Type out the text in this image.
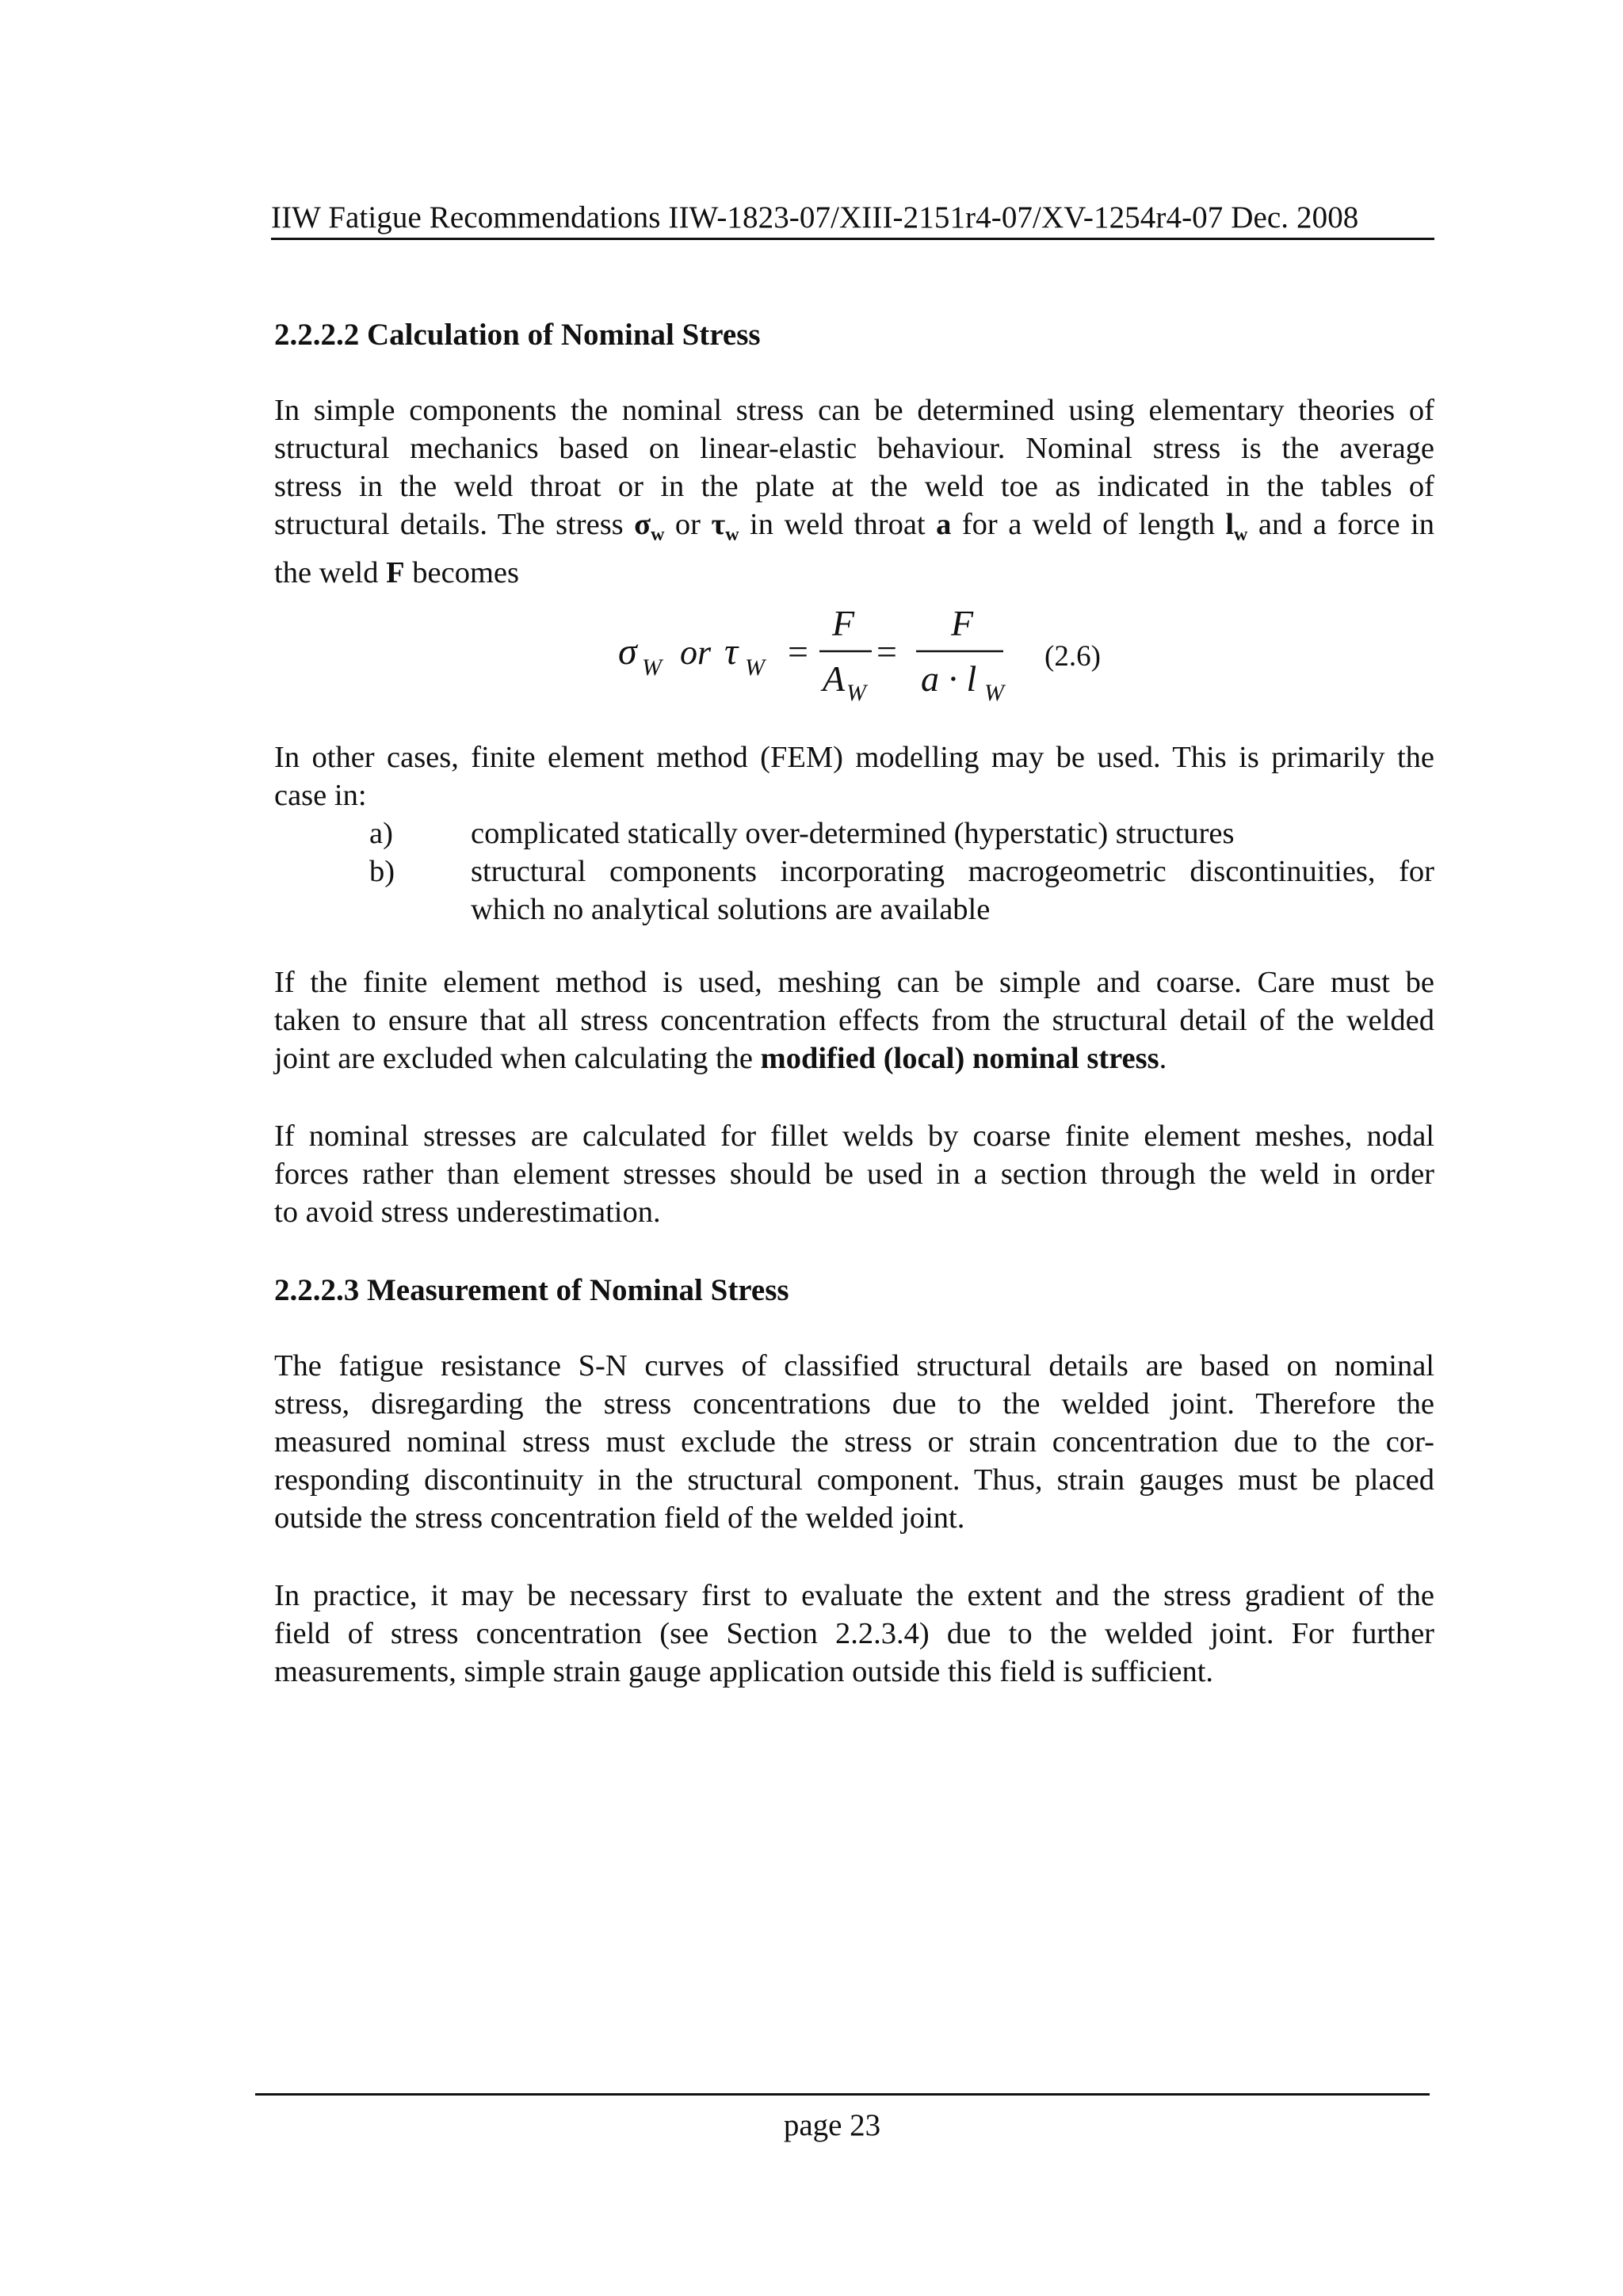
IIW Fatigue Recommendations IIW-1823-07/XIII-2151r4-07/XV-1254r4-07 Dec. 2008
2.2.2.2 Calculation of Nominal Stress
In simple components the nominal stress can be determined using elementary theories of
structural mechanics based on linear-elastic behaviour. Nominal stress is the average
stress in the weld throat or in the plate at the weld toe as indicated in the tables of
structural details. The stress $\sigma_w$ or $\tau_w$ in weld throat a for a weld of length $l_w$ and a force in
the weld F becomes
σ W or τ W =
F
A W
=
F
a · l W
(2.6)
In other cases, finite element method (FEM) modelling may be used. This is primarily the
case in:
a)	complicated statically over-determined (hyperstatic) structures
b) structural components incorporating macrogeometric discontinuities, for
which no analytical solutions are available
If the finite element method is used, meshing can be simple and coarse. Care must be
taken to ensure that all stress concentration effects from the structural detail of the welded
joint are excluded when calculating the modified (local) nominal stress.
If nominal stresses are calculated for fillet welds by coarse finite element meshes, nodal
forces rather than element stresses should be used in a section through the weld in order
to avoid stress underestimation.
2.2.2.3 Measurement of Nominal Stress
The fatigue resistance S-N curves of classified structural details are based on nominal
stress, disregarding the stress concentrations due to the welded joint. Therefore the
measured nominal stress must exclude the stress or strain concentration due to the cor-
responding discontinuity in the structural component. Thus, strain gauges must be placed
outside the stress concentration field of the welded joint.
In practice, it may be necessary first to evaluate the extent and the stress gradient of the
field of stress concentration (see Section 2.2.3.4) due to the welded joint. For further
measurements, simple strain gauge application outside this field is sufficient.
page 23
